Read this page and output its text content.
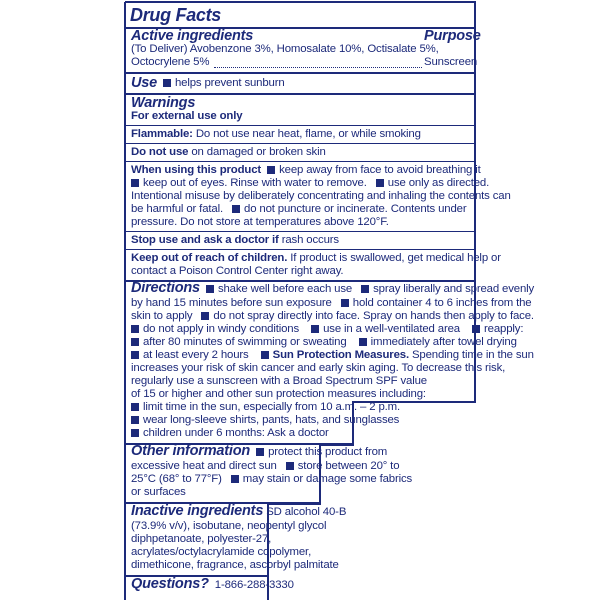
Drug Facts
Active ingredients	Purpose
(To Deliver) Avobenzone 3%, Homosalate 10%, Octisalate 5%,
Octocrylene 5%	Sunscreen
Use	helps prevent sunburn
Warnings
For external use only
Flammable: Do not use near heat, flame, or while smoking
Do not use on damaged or broken skin
When using this product keep away from face to avoid breathing it
keep out of eyes. Rinse with water to remove. use only as directed.
Intentional misuse by deliberately concentrating and inhaling the contents can
be harmful or fatal. do not puncture or incinerate. Contents under
pressure. Do not store at temperatures above 120°F.
Stop use and ask a doctor if rash occurs
Keep out of reach of children. If product is swallowed, get medical help or
contact a Poison Control Center right away.
Directions shake well before each use spray liberally and spread evenly
by hand 15 minutes before sun exposure hold container 4 to 6 inches from the
skin to apply do not spray directly into face. Spray on hands then apply to face.
do not apply in windy conditions use in a well-ventilated area reapply:
after 80 minutes of swimming or sweating immediately after towel drying
at least every 2 hours Sun Protection Measures. Spending time in the sun
increases your risk of skin cancer and early skin aging. To decrease this risk,
regularly use a sunscreen with a Broad Spectrum SPF value
of 15 or higher and other sun protection measures including:
limit time in the sun, especially from 10 a.m. – 2 p.m.
wear long-sleeve shirts, pants, hats, and sunglasses
children under 6 months: Ask a doctor
Other information protect this product from
excessive heat and direct sun store between 20° to
25°C (68° to 77°F) may stain or damage some fabrics
or surfaces
Inactive ingredients SD alcohol 40-B
(73.9% v/v), isobutane, neopentyl glycol
diphpetanoate, polyester-27,
acrylates/octylacrylamide copolymer,
dimethicone, fragrance, ascorbyl palmitate
Questions? 1-866-288-3330
